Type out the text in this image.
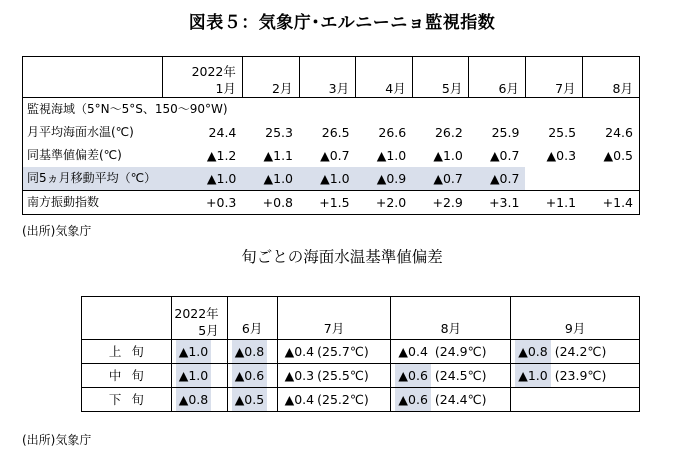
図表５：気象庁･エルニーニョ監視指数

	2022年
1月	2月	3月	4月	5月	6月	7月	8月
監視海域（5°N～5°S、150～90°W)								
月平均海面水温(℃)	24.4	25.3	26.5	26.6	26.2	25.9	25.5	24.6
同基準値偏差(℃)	▲1.2	▲1.1	▲0.7	▲1.0	▲1.0	▲0.7	▲0.3	▲0.5
同5ヵ月移動平均（℃）	▲1.0	▲1.0	▲1.0	▲0.9	▲0.7	▲0.7		
南方振動指数	+0.3	+0.8	+1.5	+2.0	+2.9	+3.1	+1.1	+1.4
(出所)気象庁
旬ごとの海面水温基準値偏差

	2022年
5月	6月	7月	8月	9月
上旬	▲1.0	▲0.8	▲0.4 (25.7℃)	▲0.4 (24.9℃)	▲0.8 (24.2℃)
中旬	▲1.0	▲0.6	▲0.3 (25.5℃)	▲0.6 (24.5℃)	▲1.0 (23.9℃)
下旬	▲0.8	▲0.5	▲0.4 (25.2℃)	▲0.6 (24.4℃)	
(出所)気象庁
